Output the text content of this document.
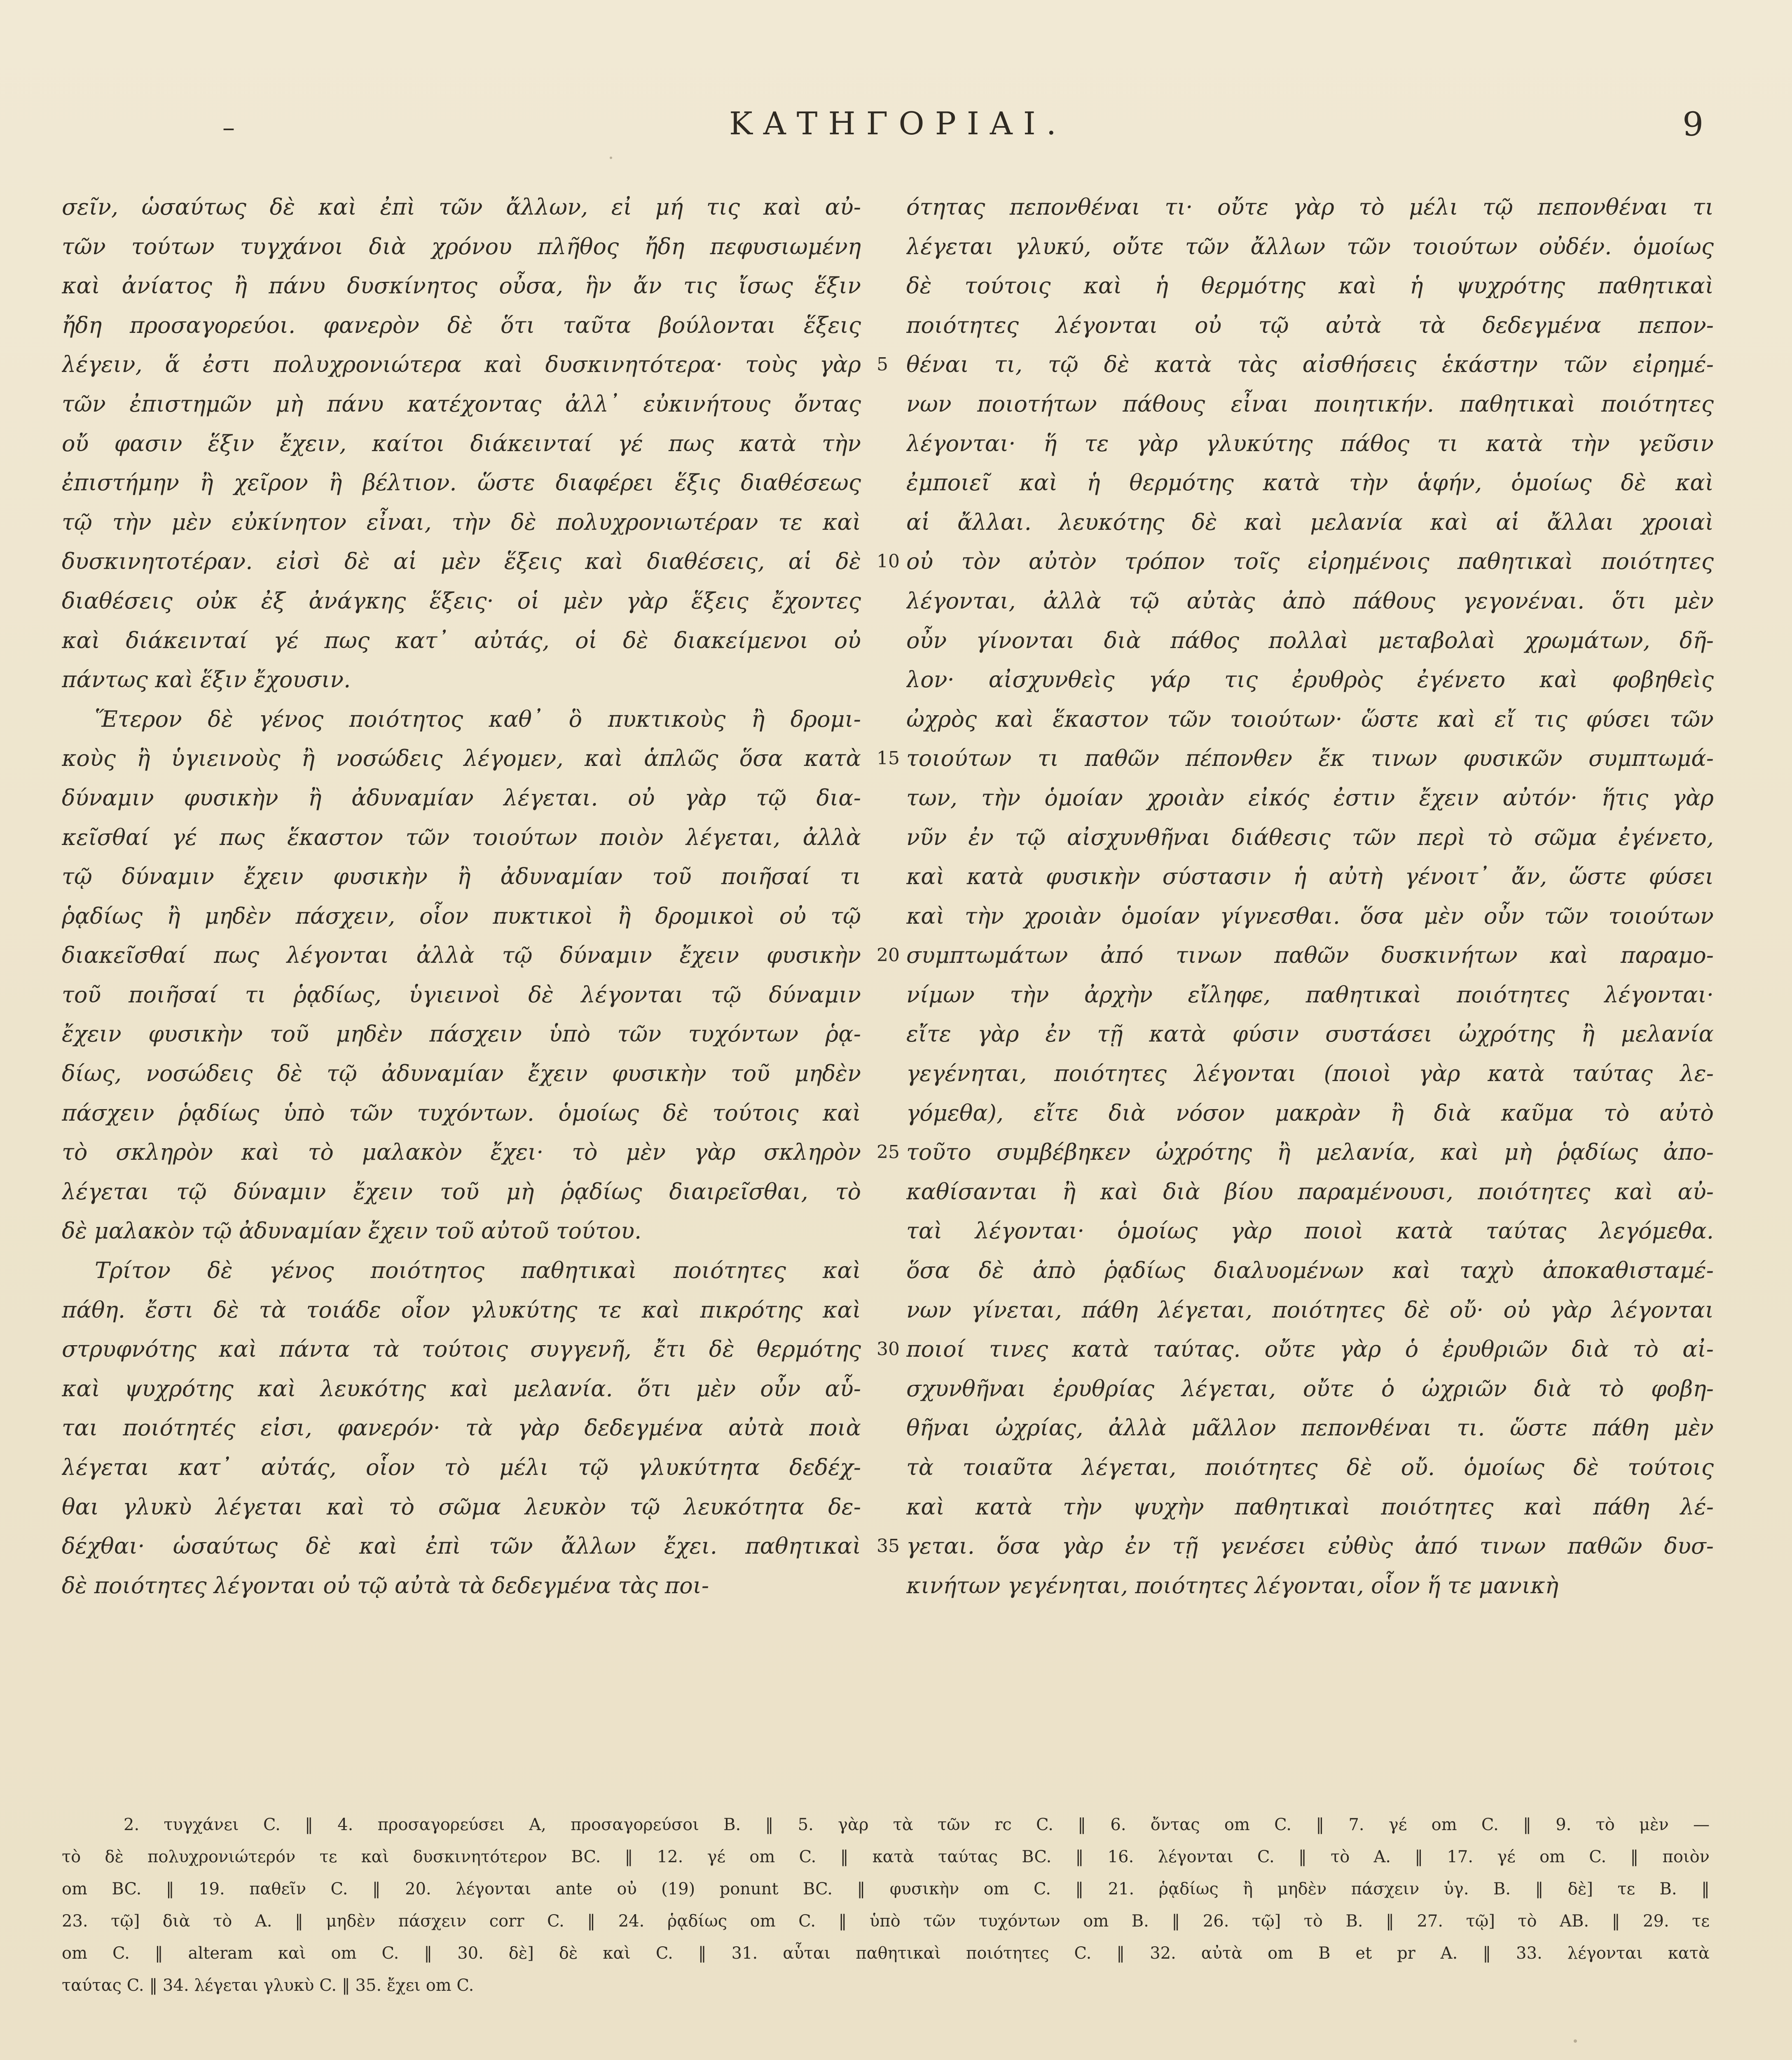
–	ΚΑΤΗΓΟΡΙΑΙ.	9
σεῖν, ὡσαύτως δὲ καὶ ἐπὶ τῶν ἄλλων, εἰ μή τις καὶ αὐ-
τῶν τούτων τυγχάνοι διὰ χρόνου πλῆθος ἤδη πεφυσιωμένη
καὶ ἀνίατος ἢ πάνυ δυσκίνητος οὖσα, ἣν ἄν τις ἴσως ἕξιν
ἤδη προσαγορεύοι. φανερὸν δὲ ὅτι ταῦτα βούλονται ἕξεις
λέγειν, ἅ ἐστι πολυχρονιώτερα καὶ δυσκινητότερα· τοὺς γὰρ
τῶν ἐπιστημῶν μὴ πάνυ κατέχοντας ἀλλ᾽ εὐκινήτους ὄντας
οὔ φασιν ἕξιν ἔχειν, καίτοι διάκεινταί γέ πως κατὰ τὴν
ἐπιστήμην ἢ χεῖρον ἢ βέλτιον. ὥστε διαφέρει ἕξις διαθέσεως
τῷ τὴν μὲν εὐκίνητον εἶναι, τὴν δὲ πολυχρονιωτέραν τε καὶ
δυσκινητοτέραν. εἰσὶ δὲ αἱ μὲν ἕξεις καὶ διαθέσεις, αἱ δὲ
διαθέσεις οὐκ ἐξ ἀνάγκης ἕξεις· οἱ μὲν γὰρ ἕξεις ἔχοντες
καὶ διάκεινταί γέ πως κατ᾽ αὐτάς, οἱ δὲ διακείμενοι οὐ
πάντως καὶ ἕξιν ἔχουσιν.
Ἕτερον δὲ γένος ποιότητος καθ᾽ ὃ πυκτικοὺς ἢ δρομι-
κοὺς ἢ ὑγιεινοὺς ἢ νοσώδεις λέγομεν, καὶ ἁπλῶς ὅσα κατὰ
δύναμιν φυσικὴν ἢ ἀδυναμίαν λέγεται. οὐ γὰρ τῷ δια-
κεῖσθαί γέ πως ἕκαστον τῶν τοιούτων ποιὸν λέγεται, ἀλλὰ
τῷ δύναμιν ἔχειν φυσικὴν ἢ ἀδυναμίαν τοῦ ποιῆσαί τι
ῥᾳδίως ἢ μηδὲν πάσχειν, οἷον πυκτικοὶ ἢ δρομικοὶ οὐ τῷ
διακεῖσθαί πως λέγονται ἀλλὰ τῷ δύναμιν ἔχειν φυσικὴν
τοῦ ποιῆσαί τι ῥᾳδίως, ὑγιεινοὶ δὲ λέγονται τῷ δύναμιν
ἔχειν φυσικὴν τοῦ μηδὲν πάσχειν ὑπὸ τῶν τυχόντων ῥᾳ-
δίως, νοσώδεις δὲ τῷ ἀδυναμίαν ἔχειν φυσικὴν τοῦ μηδὲν
πάσχειν ῥᾳδίως ὑπὸ τῶν τυχόντων. ὁμοίως δὲ τούτοις καὶ
τὸ σκληρὸν καὶ τὸ μαλακὸν ἔχει· τὸ μὲν γὰρ σκληρὸν
λέγεται τῷ δύναμιν ἔχειν τοῦ μὴ ῥᾳδίως διαιρεῖσθαι, τὸ
δὲ μαλακὸν τῷ ἀδυναμίαν ἔχειν τοῦ αὐτοῦ τούτου.
Τρίτον δὲ γένος ποιότητος παθητικαὶ ποιότητες καὶ
πάθη. ἔστι δὲ τὰ τοιάδε οἷον γλυκύτης τε καὶ πικρότης καὶ
στρυφνότης καὶ πάντα τὰ τούτοις συγγενῆ, ἔτι δὲ θερμότης
καὶ ψυχρότης καὶ λευκότης καὶ μελανία. ὅτι μὲν οὖν αὗ-
ται ποιότητές εἰσι, φανερόν· τὰ γὰρ δεδεγμένα αὐτὰ ποιὰ
λέγεται κατ᾽ αὐτάς, οἷον τὸ μέλι τῷ γλυκύτητα δεδέχ-
θαι γλυκὺ λέγεται καὶ τὸ σῶμα λευκὸν τῷ λευκότητα δε-
δέχθαι· ὡσαύτως δὲ καὶ ἐπὶ τῶν ἄλλων ἔχει. παθητικαὶ
δὲ ποιότητες λέγονται οὐ τῷ αὐτὰ τὰ δεδεγμένα τὰς ποι-
5
10
15
20
25
30
35
ότητας πεπονθέναι τι· οὔτε γὰρ τὸ μέλι τῷ πεπονθέναι τι
λέγεται γλυκύ, οὔτε τῶν ἄλλων τῶν τοιούτων οὐδέν. ὁμοίως
δὲ τούτοις καὶ ἡ θερμότης καὶ ἡ ψυχρότης παθητικαὶ
ποιότητες λέγονται οὐ τῷ αὐτὰ τὰ δεδεγμένα πεπον-
θέναι τι, τῷ δὲ κατὰ τὰς αἰσθήσεις ἑκάστην τῶν εἰρημέ-
νων ποιοτήτων πάθους εἶναι ποιητικήν. παθητικαὶ ποιότητες
λέγονται· ἥ τε γὰρ γλυκύτης πάθος τι κατὰ τὴν γεῦσιν
ἐμποιεῖ καὶ ἡ θερμότης κατὰ τὴν ἁφήν, ὁμοίως δὲ καὶ
αἱ ἄλλαι. λευκότης δὲ καὶ μελανία καὶ αἱ ἄλλαι χροιαὶ
οὐ τὸν αὐτὸν τρόπον τοῖς εἰρημένοις παθητικαὶ ποιότητες
λέγονται, ἀλλὰ τῷ αὐτὰς ἀπὸ πάθους γεγονέναι. ὅτι μὲν
οὖν γίνονται διὰ πάθος πολλαὶ μεταβολαὶ χρωμάτων, δῆ-
λον· αἰσχυνθεὶς γάρ τις ἐρυθρὸς ἐγένετο καὶ φοβηθεὶς
ὠχρὸς καὶ ἕκαστον τῶν τοιούτων· ὥστε καὶ εἴ τις φύσει τῶν
τοιούτων τι παθῶν πέπονθεν ἔκ τινων φυσικῶν συμπτωμά-
των, τὴν ὁμοίαν χροιὰν εἰκός ἐστιν ἔχειν αὐτόν· ἥτις γὰρ
νῦν ἐν τῷ αἰσχυνθῆναι διάθεσις τῶν περὶ τὸ σῶμα ἐγένετο,
καὶ κατὰ φυσικὴν σύστασιν ἡ αὐτὴ γένοιτ᾽ ἄν, ὥστε φύσει
καὶ τὴν χροιὰν ὁμοίαν γίγνεσθαι. ὅσα μὲν οὖν τῶν τοιούτων
συμπτωμάτων ἀπό τινων παθῶν δυσκινήτων καὶ παραμο-
νίμων τὴν ἀρχὴν εἴληφε, παθητικαὶ ποιότητες λέγονται·
εἴτε γὰρ ἐν τῇ κατὰ φύσιν συστάσει ὠχρότης ἢ μελανία
γεγένηται, ποιότητες λέγονται (ποιοὶ γὰρ κατὰ ταύτας λε-
γόμεθα), εἴτε διὰ νόσον μακρὰν ἢ διὰ καῦμα τὸ αὐτὸ
τοῦτο συμβέβηκεν ὠχρότης ἢ μελανία, καὶ μὴ ῥᾳδίως ἀπο-
καθίσανται ἢ καὶ διὰ βίου παραμένουσι, ποιότητες καὶ αὐ-
ταὶ λέγονται· ὁμοίως γὰρ ποιοὶ κατὰ ταύτας λεγόμεθα.
ὅσα δὲ ἀπὸ ῥᾳδίως διαλυομένων καὶ ταχὺ ἀποκαθισταμέ-
νων γίνεται, πάθη λέγεται, ποιότητες δὲ οὔ· οὐ γὰρ λέγονται
ποιοί τινες κατὰ ταύτας. οὔτε γὰρ ὁ ἐρυθριῶν διὰ τὸ αἰ-
σχυνθῆναι ἐρυθρίας λέγεται, οὔτε ὁ ὠχριῶν διὰ τὸ φοβη-
θῆναι ὠχρίας, ἀλλὰ μᾶλλον πεπονθέναι τι. ὥστε πάθη μὲν
τὰ τοιαῦτα λέγεται, ποιότητες δὲ οὔ. ὁμοίως δὲ τούτοις
καὶ κατὰ τὴν ψυχὴν παθητικαὶ ποιότητες καὶ πάθη λέ-
γεται. ὅσα γὰρ ἐν τῇ γενέσει εὐθὺς ἀπό τινων παθῶν δυσ-
κινήτων γεγένηται, ποιότητες λέγονται, οἷον ἥ τε μανικὴ
2. τυγχάνει C. ‖ 4. προσαγορεύσει A, προσαγορεύσοι B. ‖ 5. γὰρ τὰ τῶν rc C. ‖ 6. ὄντας om C. ‖ 7. γέ om C. ‖ 9. τὸ μὲν —
τὸ δὲ πολυχρονιώτερόν τε καὶ δυσκινητότερον BC. ‖ 12. γέ om C. ‖ κατὰ ταύτας BC. ‖ 16. λέγονται C. ‖ τὸ A. ‖ 17. γέ om C. ‖ ποιὸν
om BC. ‖ 19. παθεῖν C. ‖ 20. λέγονται ante οὐ (19) ponunt BC. ‖ φυσικὴν om C. ‖ 21. ῥᾳδίως ἢ μηδὲν πάσχειν ὑγ. B. ‖ δὲ] τε B. ‖
23. τῷ] διὰ τὸ A. ‖ μηδὲν πάσχειν corr C. ‖ 24. ῥᾳδίως om C. ‖ ὑπὸ τῶν τυχόντων om B. ‖ 26. τῷ] τὸ B. ‖ 27. τῷ] τὸ AB. ‖ 29. τε
om C. ‖ alteram καὶ om C. ‖ 30. δὲ] δὲ καὶ C. ‖ 31. αὗται παθητικαὶ ποιότητες C. ‖ 32. αὐτὰ om B et pr A. ‖ 33. λέγονται κατὰ
ταύτας C. ‖ 34. λέγεται γλυκὺ C. ‖ 35. ἔχει om C.
